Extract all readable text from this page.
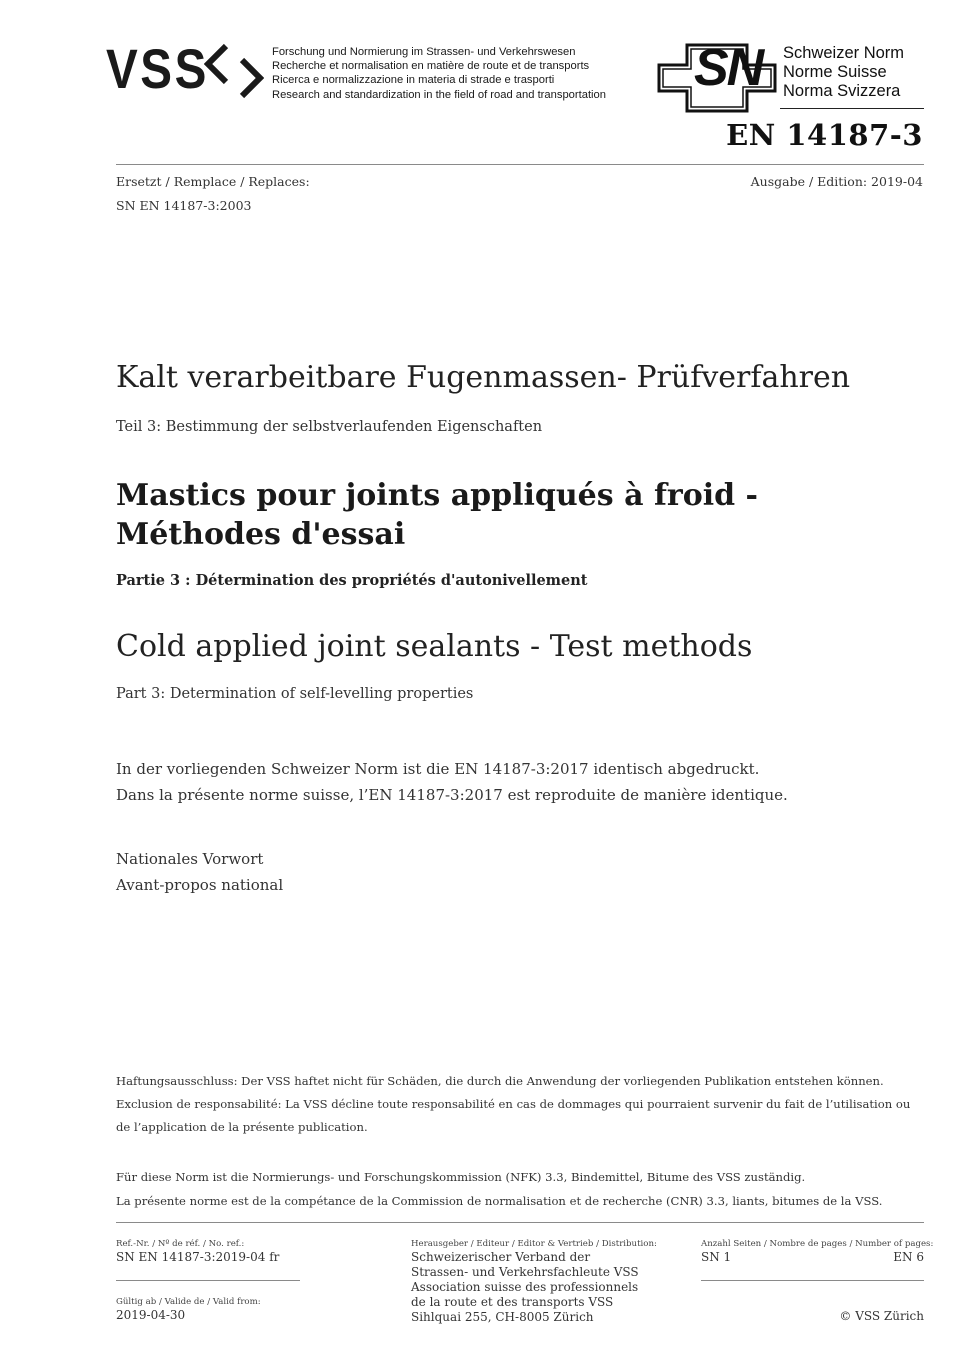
VSS	Forschung und Normierung im Strassen- und Verkehrswesen
Recherche et normalisation en matière de route et de transports
Ricerca e normalizzazione in materia di strade e trasporti
Research and standardization in the field of road and transportation SN Schweizer Norm
Norme Suisse
Norma Svizzera
EN 14187-3
Ersetzt / Remplace / Replaces:
SN EN 14187-3:2003
Ausgabe / Edition: 2019-04
Kalt verarbeitbare Fugenmassen- Prüfverfahren
Teil 3: Bestimmung der selbstverlaufenden Eigenschaften
Mastics pour joints appliqués à froid -
Méthodes d'essai
Partie 3 : Détermination des propriétés d'autonivellement
Cold applied joint sealants - Test methods
Part 3: Determination of self-levelling properties
In der vorliegenden Schweizer Norm ist die EN 14187-3:2017 identisch abgedruckt.
Dans la présente norme suisse, l’EN 14187-3:2017 est reproduite de manière identique.
Nationales Vorwort
Avant-propos national
Haftungsausschluss: Der VSS haftet nicht für Schäden, die durch die Anwendung der vorliegenden Publikation entstehen können.
Exclusion de responsabilité: La VSS décline toute responsabilité en cas de dommages qui pourraient survenir du fait de l’utilisation ou
de l’application de la présente publication.
Für diese Norm ist die Normierungs- und Forschungskommission (NFK) 3.3, Bindemittel, Bitume des VSS zuständig.
La présente norme est de la compétance de la Commission de normalisation et de recherche (CNR) 3.3, liants, bitumes de la VSS.
Ref.-Nr. / Nº de réf. / No. ref.:
SN EN 14187-3:2019-04 fr
Gültig ab / Valide de / Valid from:
2019-04-30
Herausgeber / Editeur / Editor & Vertrieb / Distribution:
Schweizerischer Verband der
Strassen- und Verkehrsfachleute VSS
Association suisse des professionnels
de la route et des transports VSS
Sihlquai 255, CH-8005 Zürich
Anzahl Seiten / Nombre de pages / Number of pages:
SN 1	EN 6
© VSS Zürich
